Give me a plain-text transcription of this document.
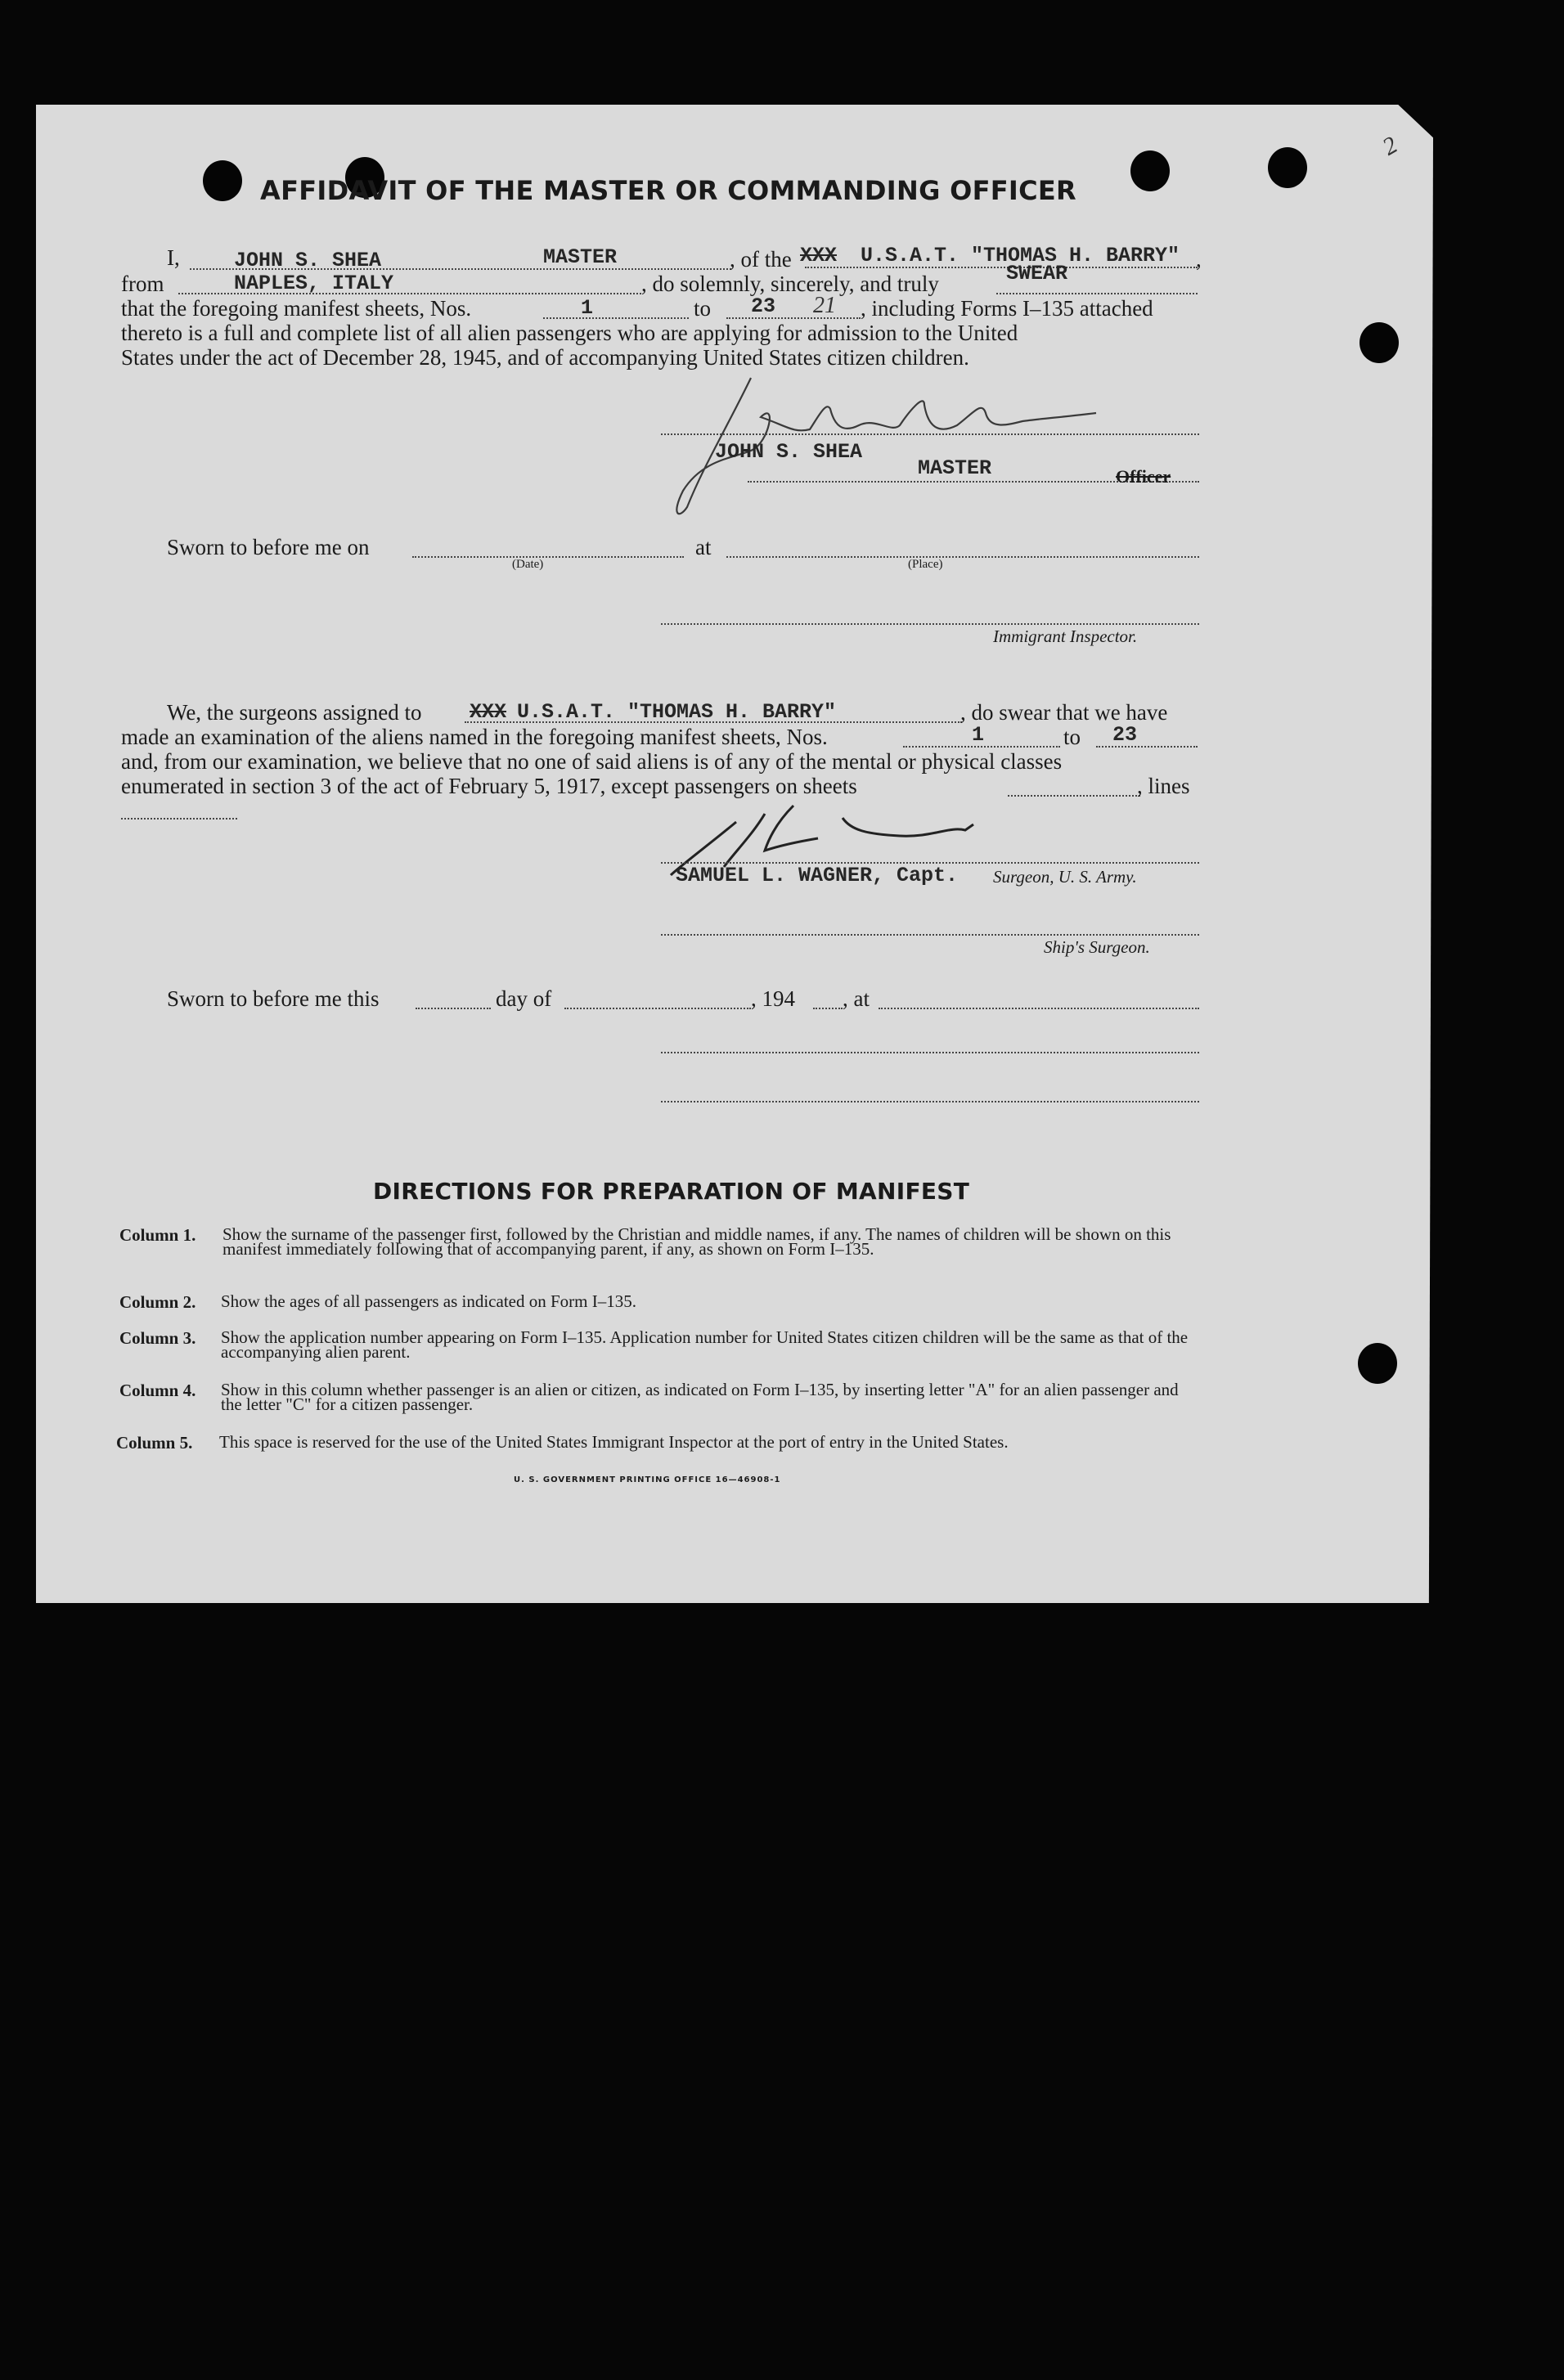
2
AFFIDAVIT OF THE MASTER OR COMMANDING OFFICER
I,	JOHN S. SHEA	MASTER	, of the XXX U.S.A.T. "THOMAS H. BARRY" ,
from	NAPLES, ITALY	, do solemnly, sincerely, and truly	SWEAR
that the foregoing manifest sheets, Nos.	1	to 23 21 , including Forms I–135 attached
thereto is a full and complete list of all alien passengers who are applying for admission to the United
States under the act of December 28, 1945, and of accompanying United States citizen children.
JOHN S. SHEA
MASTER	Officer
Sworn to before me on	at
(Date)	(Place)
Immigrant Inspector.
We, the surgeons assigned to XXX U.S.A.T. "THOMAS H. BARRY"	, do swear that we have
made an examination of the aliens named in the foregoing manifest sheets, Nos.	1	to 23
and, from our examination, we believe that no one of said aliens is of any of the mental or physical classes
enumerated in section 3 of the act of February 5, 1917, except passengers on sheets	, lines
SAMUEL L. WAGNER, Capt. Surgeon, U. S. Army.
Ship's Surgeon.
Sworn to before me this	day of	, 194 , at
DIRECTIONS FOR PREPARATION OF MANIFEST
Column 1. Show the surname of the passenger first, followed by the Christian and middle names, if any. The names of children will be shown on this manifest immediately following that of accompanying parent, if any, as shown on Form I–135.
Column 2. Show the ages of all passengers as indicated on Form I–135.
Column 3. Show the application number appearing on Form I–135. Application number for United States citizen children will be the same as that of the accompanying alien parent.
Column 4. Show in this column whether passenger is an alien or citizen, as indicated on Form I–135, by inserting letter "A" for an alien passenger and the letter "C" for a citizen passenger.
Column 5. This space is reserved for the use of the United States Immigrant Inspector at the port of entry in the United States.
U. S. GOVERNMENT PRINTING OFFICE 16—46908-1
